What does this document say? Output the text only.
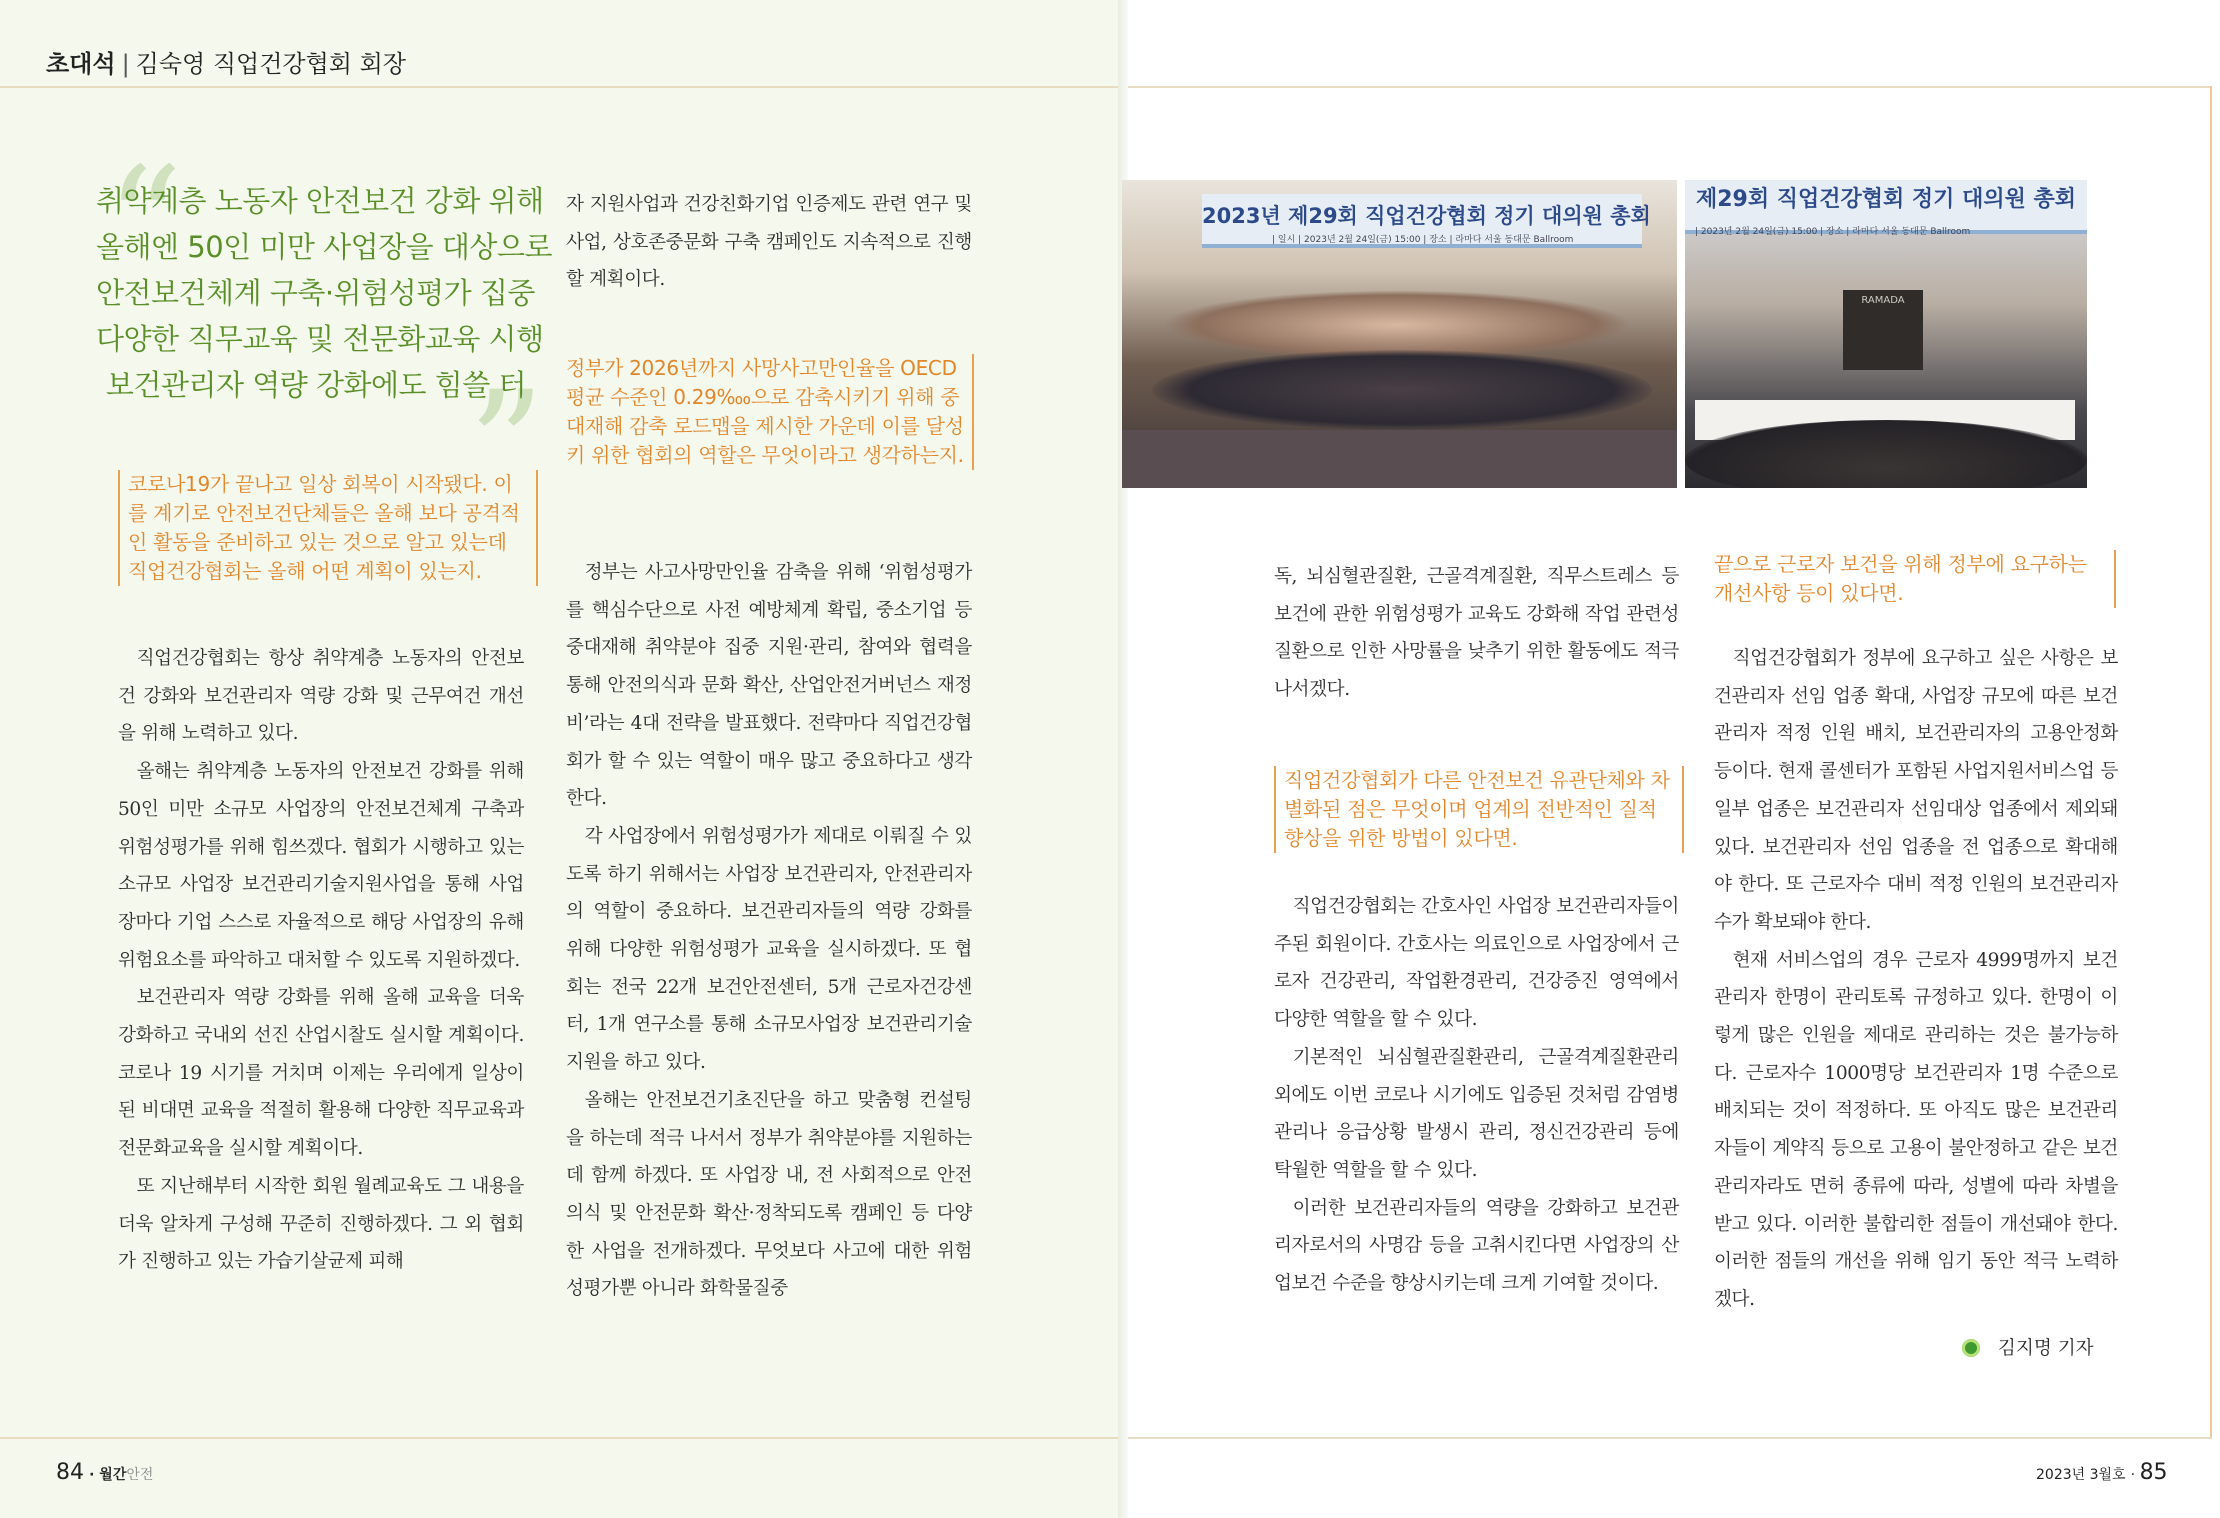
초대석 | 김숙영 직업건강협회 회장
“
”
취약계층 노동자 안전보건 강화 위해
올해엔 50인 미만 사업장을 대상으로
안전보건체계 구축·위험성평가 집중
다양한 직무교육 및 전문화교육 시행
보건관리자 역량 강화에도 힘쓸 터
코로나19가 끝나고 일상 회복이 시작됐다. 이를 계기로 안전보건단체들은 올해 보다 공격적인 활동을 준비하고 있는 것으로 알고 있는데 직업건강협회는 올해 어떤 계획이 있는지.

직업건강협회는 항상 취약계층 노동자의 안전보건 강화와 보건관리자 역량 강화 및 근무여건 개선을 위해 노력하고 있다.

올해는 취약계층 노동자의 안전보건 강화를 위해 50인 미만 소규모 사업장의 안전보건체계 구축과 위험성평가를 위해 힘쓰겠다. 협회가 시행하고 있는 소규모 사업장 보건관리기술지원사업을 통해 사업장마다 기업 스스로 자율적으로 해당 사업장의 유해 위험요소를 파악하고 대처할 수 있도록 지원하겠다.

보건관리자 역량 강화를 위해 올해 교육을 더욱 강화하고 국내외 선진 산업시찰도 실시할 계획이다. 코로나 19 시기를 거치며 이제는 우리에게 일상이 된 비대면 교육을 적절히 활용해 다양한 직무교육과 전문화교육을 실시할 계획이다.

또 지난해부터 시작한 회원 월례교육도 그 내용을 더욱 알차게 구성해 꾸준히 진행하겠다. 그 외 협회가 진행하고 있는 가습기살균제 피해

자 지원사업과 건강친화기업 인증제도 관련 연구 및 사업, 상호존중문화 구축 캠페인도 지속적으로 진행할 계획이다.

정부가 2026년까지 사망사고만인율을 OECD 평균 수준인 0.29‱으로 감축시키기 위해 중대재해 감축 로드맵을 제시한 가운데 이를 달성키 위한 협회의 역할은 무엇이라고 생각하는지.

정부는 사고사망만인율 감축을 위해 ‘위험성평가를 핵심수단으로 사전 예방체계 확립, 중소기업 등 중대재해 취약분야 집중 지원·관리, 참여와 협력을 통해 안전의식과 문화 확산, 산업안전거버넌스 재정비’라는 4대 전략을 발표했다. 전략마다 직업건강협회가 할 수 있는 역할이 매우 많고 중요하다고 생각한다.

각 사업장에서 위험성평가가 제대로 이뤄질 수 있도록 하기 위해서는 사업장 보건관리자, 안전관리자의 역할이 중요하다. 보건관리자들의 역량 강화를 위해 다양한 위험성평가 교육을 실시하겠다. 또 협회는 전국 22개 보건안전센터, 5개 근로자건강센터, 1개 연구소를 통해 소규모사업장 보건관리기술지원을 하고 있다.

올해는 안전보건기초진단을 하고 맞춤형 컨설팅을 하는데 적극 나서서 정부가 취약분야를 지원하는데 함께 하겠다. 또 사업장 내, 전 사회적으로 안전의식 및 안전문화 확산·정착되도록 캠페인 등 다양한 사업을 전개하겠다. 무엇보다 사고에 대한 위험성평가뿐 아니라 화학물질중

2023년 제29회 직업건강협회 정기 대의원 총회
| 일시 | 2023년 2월 24일(금) 15:00 | 장소 | 라마다 서울 동대문 Ballroom
제29회 직업건강협회 정기 대의원 총회
| 2023년 2월 24일(금) 15:00 | 장소 | 라마다 서울 동대문 Ballroom
RAMADA

독, 뇌심혈관질환, 근골격계질환, 직무스트레스 등 보건에 관한 위험성평가 교육도 강화해 작업 관련성질환으로 인한 사망률을 낮추기 위한 활동에도 적극 나서겠다.

직업건강협회가 다른 안전보건 유관단체와 차별화된 점은 무엇이며 업계의 전반적인 질적 향상을 위한 방법이 있다면.

직업건강협회는 간호사인 사업장 보건관리자들이 주된 회원이다. 간호사는 의료인으로 사업장에서 근로자 건강관리, 작업환경관리, 건강증진 영역에서 다양한 역할을 할 수 있다.

기본적인 뇌심혈관질환관리, 근골격계질환관리 외에도 이번 코로나 시기에도 입증된 것처럼 감염병 관리나 응급상황 발생시 관리, 정신건강관리 등에 탁월한 역할을 할 수 있다.

이러한 보건관리자들의 역량을 강화하고 보건관리자로서의 사명감 등을 고취시킨다면 사업장의 산업보건 수준을 향상시키는데 크게 기여할 것이다.

끝으로 근로자 보건을 위해 정부에 요구하는 개선사항 등이 있다면.

직업건강협회가 정부에 요구하고 싶은 사항은 보건관리자 선임 업종 확대, 사업장 규모에 따른 보건관리자 적정 인원 배치, 보건관리자의 고용안정화 등이다. 현재 콜센터가 포함된 사업지원서비스업 등 일부 업종은 보건관리자 선임대상 업종에서 제외돼 있다. 보건관리자 선임 업종을 전 업종으로 확대해야 한다. 또 근로자수 대비 적정 인원의 보건관리자수가 확보돼야 한다.

현재 서비스업의 경우 근로자 4999명까지 보건관리자 한명이 관리토록 규정하고 있다. 한명이 이렇게 많은 인원을 제대로 관리하는 것은 불가능하다. 근로자수 1000명당 보건관리자 1명 수준으로 배치되는 것이 적정하다. 또 아직도 많은 보건관리자들이 계약직 등으로 고용이 불안정하고 같은 보건관리자라도 면허 종류에 따라, 성별에 따라 차별을 받고 있다. 이러한 불합리한 점들이 개선돼야 한다. 이러한 점들의 개선을 위해 임기 동안 적극 노력하겠다.

김지명 기자
84 · 월간안전	2023년 3월호 · 85
